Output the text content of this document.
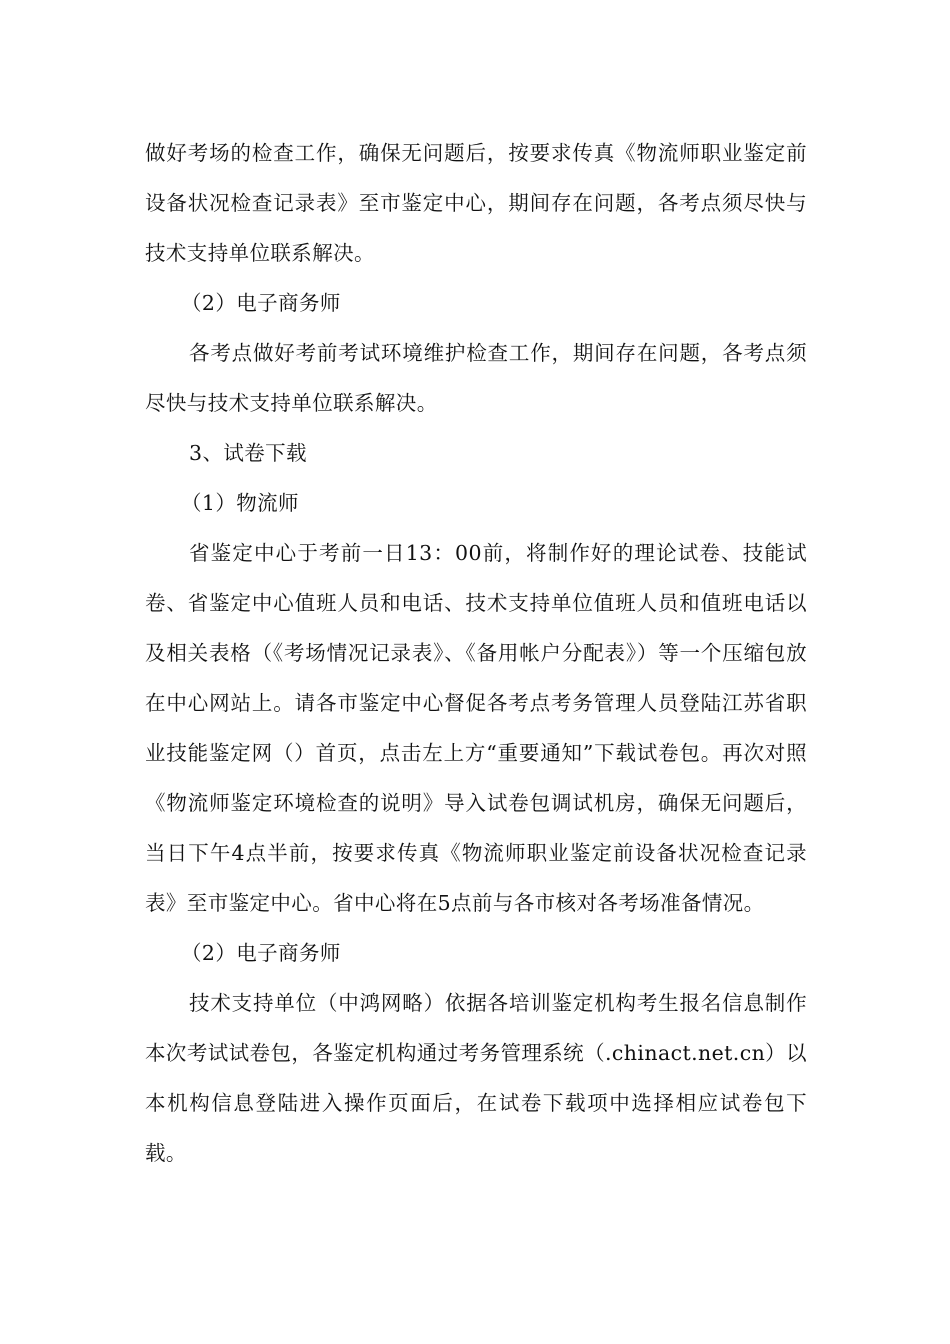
做好考场的检查工作，确保无问题后，按要求传真《物流师职业鉴定前设备状况检查记录表》至市鉴定中心，期间存在问题，各考点须尽快与技术支持单位联系解决。

（2）电子商务师

各考点做好考前考试环境维护检查工作，期间存在问题，各考点须尽快与技术支持单位联系解决。

3、试卷下载

（1）物流师

省鉴定中心于考前一日13：00前，将制作好的理论试卷、技能试卷、省鉴定中心值班人员和电话、技术支持单位值班人员和值班电话以及相关表格（《考场情况记录表》、《备用帐户分配表》）等一个压缩包放在中心网站上。请各市鉴定中心督促各考点考务管理人员登陆江苏省职业技能鉴定网（）首页，点击左上方“重要通知”下载试卷包。再次对照《物流师鉴定环境检查的说明》导入试卷包调试机房，确保无问题后，当日下午4点半前，按要求传真《物流师职业鉴定前设备状况检查记录表》至市鉴定中心。省中心将在5点前与各市核对各考场准备情况。

（2）电子商务师

技术支持单位（中鸿网略）依据各培训鉴定机构考生报名信息制作本次考试试卷包，各鉴定机构通过考务管理系统（.chinact.net.cn）以本机构信息登陆进入操作页面后，在试卷下载项中选择相应试卷包下载。
